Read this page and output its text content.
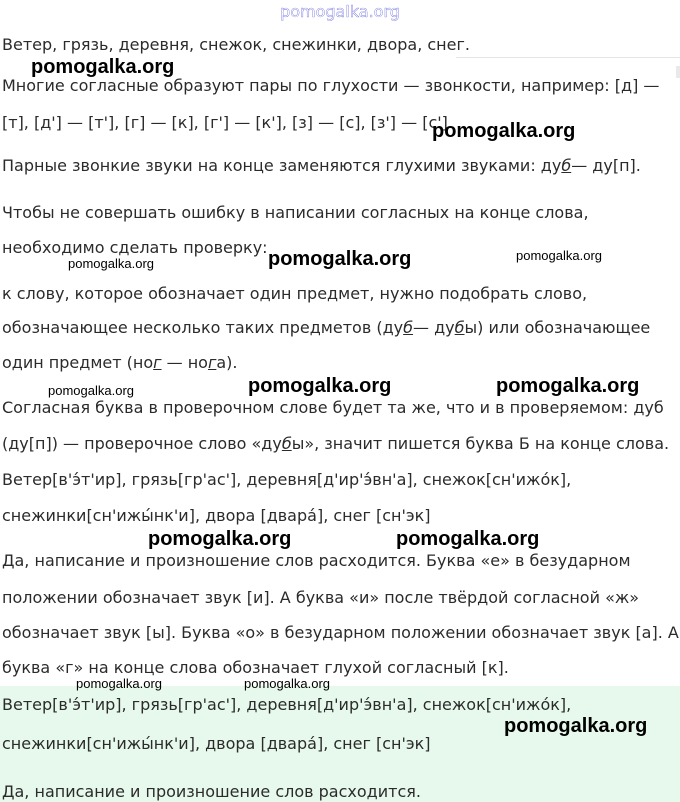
pomogalka.org
Ветер, грязь, деревня, снежок, снежинки, двора, снег.
Многие согласные образуют пары по глухости — звонкости, например: [д] —
[т], [д'] — [т'], [г] — [к], [г'] — [к'], [з] — [с], [з'] — [с'].
Парные звонкие звуки на конце заменяются глухими звуками: дуб— ду[п].
Чтобы не совершать ошибку в написании согласных на конце слова,
необходимо сделать проверку:
к слову, которое обозначает один предмет, нужно подобрать слово,
обозначающее несколько таких предметов (дуб— дубы) или обозначающее
один предмет (ног — нога).
Согласная буква в проверочном слове будет та же, что и в проверяемом: дуб
(ду[п]) — проверочное слово «дубы», значит пишется буква Б на конце слова.
Ветер[в'э́т'ир], грязь[гр'ас'], деревня[д'ир'э́вн'а], снежок[сн'ижо́к],
снежинки[сн'ижы́нк'и], двора [двара́], снег [сн'эк]
Да, написание и произношение слов расходится. Буква «е» в безударном
положении обозначает звук [и]. А буква «и» после твёрдой согласной «ж»
обозначает звук [ы]. Буква «о» в безударном положении обозначает звук [а]. А
буква «г» на конце слова обозначает глухой согласный [к].
Ветер[в'э́т'ир], грязь[гр'ас'], деревня[д'ир'э́вн'а], снежок[сн'ижо́к],
снежинки[сн'ижы́нк'и], двора [двара́], снег [сн'эк]
Да, написание и произношение слов расходится.
pomogalka.org
pomogalka.org
pomogalka.org
pomogalka.org
pomogalka.org
pomogalka.org	pomogalka.org	pomogalka.org
pomogalka.org	pomogalka.org
pomogalka.org	pomogalka.org
pomogalka.org
